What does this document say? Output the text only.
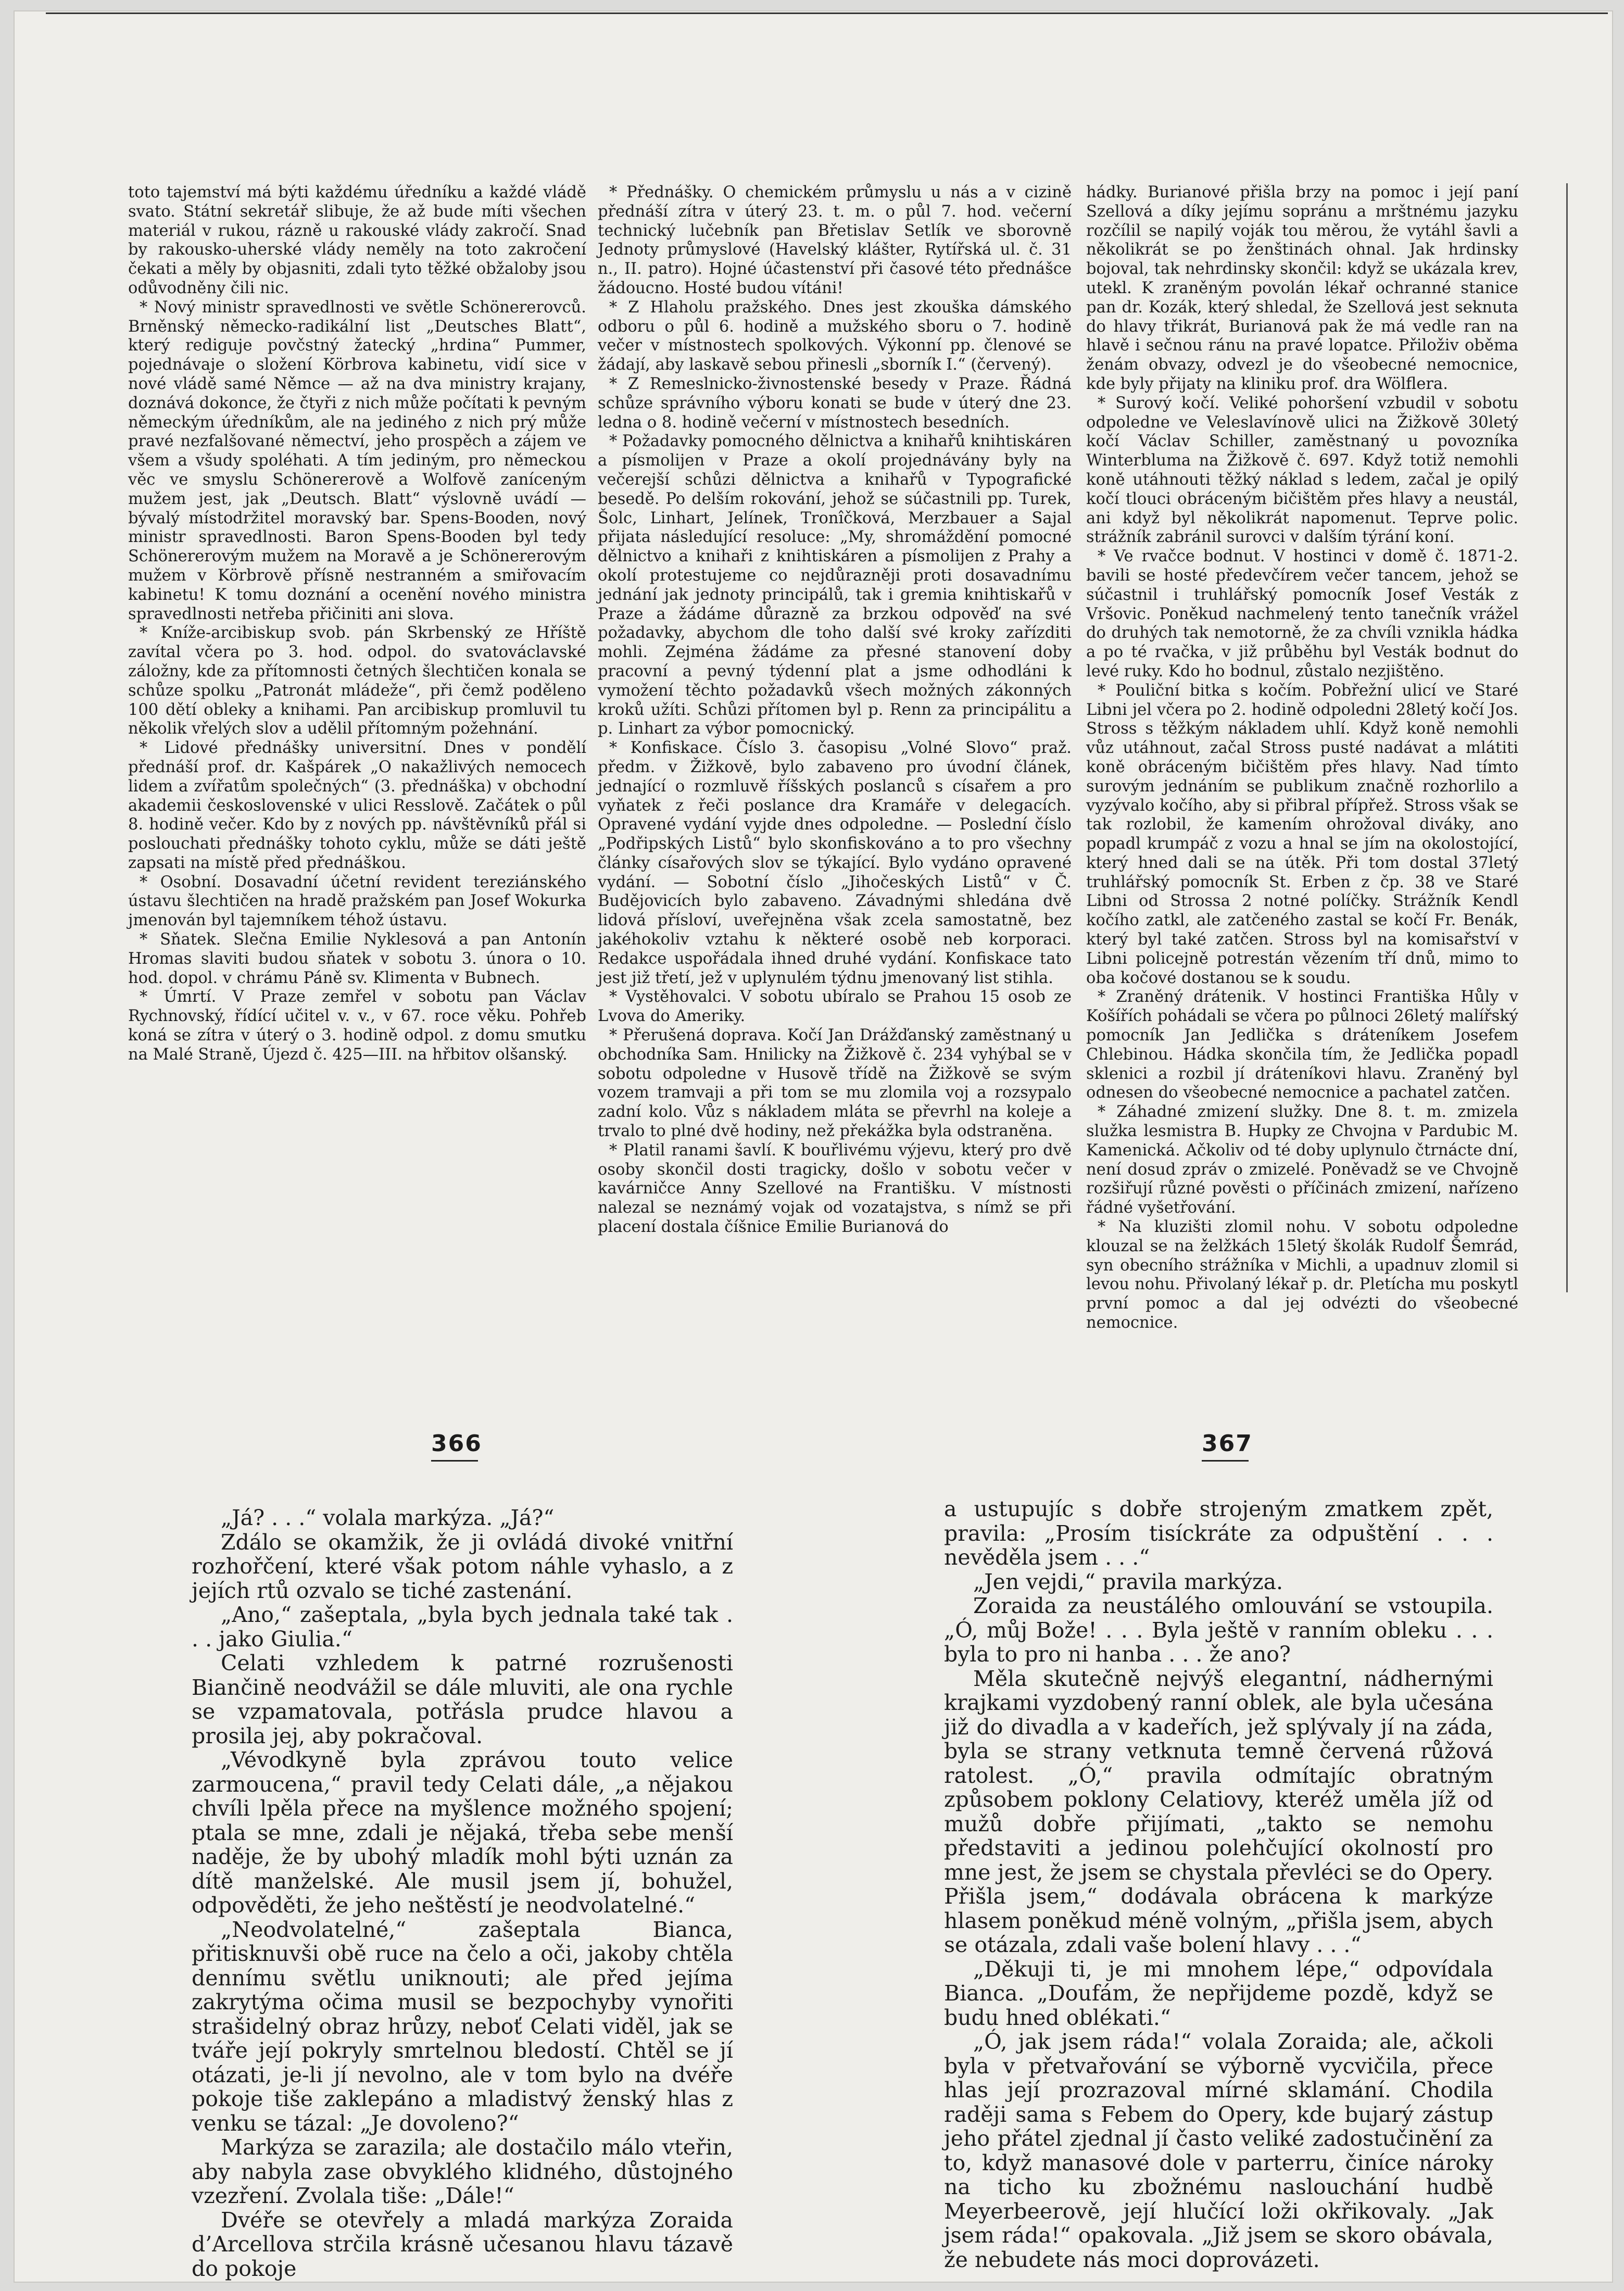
toto tajemství má býti každému úředníku a každé vládě svato. Státní sekretář slibuje, že až bude míti všechen materiál v rukou, rázně u rakouské vlády zakročí. Snad by rakousko-uherské vlády neměly na toto zakročení čekati a měly by objasniti, zdali tyto těžké obžaloby jsou odůvodněny čili nic.

* Nový ministr spravedlnosti ve světle Schönererovců. Brněnský německo-radikální list „Deutsches Blatt“, který rediguje povčstný žatecký „hrdina“ Pummer, pojednávaje o složení Körbrova kabinetu, vidí sice v nové vládě samé Němce — až na dva ministry krajany, doznává dokonce, že čtyři z nich může počítati k pevným německým úředníkům, ale na jediného z nich prý může pravé nezfalšované němectví, jeho prospěch a zájem ve všem a všudy spoléhati. A tím jediným, pro německou věc ve smyslu Schönererově a Wolfově zaníceným mužem jest, jak „Deutsch. Blatt“ výslovně uvádí — bývalý místodržitel moravský bar. Spens-Booden, nový ministr spravedlnosti. Baron Spens-Booden byl tedy Schönererovým mužem na Moravě a je Schönererovým mužem v Körbrově přísně nestranném a smiřovacím kabinetu! K tomu doznání a ocenění nového ministra spravedlnosti netřeba přičiniti ani slova.

* Kníže-arcibiskup svob. pán Skrbenský ze Hříště zavítal včera po 3. hod. odpol. do svatováclavské záložny, kde za přítomnosti četných šlechtičen konala se schůze spolku „Patronát mládeže“, při čemž poděleno 100 dětí obleky a knihami. Pan arcibiskup promluvil tu několik vřelých slov a udělil přítomným požehnání.

* Lidové přednášky universitní. Dnes v pondělí přednáší prof. dr. Kašpárek „O nakažlivých nemocech lidem a zvířatům společných“ (3. přednáška) v obchodní akademii československé v ulici Resslově. Začátek o půl 8. hodině večer. Kdo by z nových pp. návštěvníků přál si poslouchati přednášky tohoto cyklu, může se dáti ještě zapsati na místě před přednáškou.

* Osobní. Dosavadní účetní revident tereziánského ústavu šlechtičen na hradě pražském pan Josef Wokurka jmenován byl tajemníkem téhož ústavu.

* Sňatek. Slečna Emilie Nyklesová a pan Antonín Hromas slaviti budou sňatek v sobotu 3. února o 10. hod. dopol. v chrámu Páně sv. Klimenta v Bubnech.

* Úmrtí. V Praze zemřel v sobotu pan Václav Rychnovský, řídící učitel v. v., v 67. roce věku. Pohřeb koná se zítra v úterý o 3. hodině odpol. z domu smutku na Malé Straně, Újezd č. 425—III. na hřbitov olšanský.

* Přednášky. O chemickém průmyslu u nás a v cizině přednáší zítra v úterý 23. t. m. o půl 7. hod. večerní technický lučebník pan Břetislav Setlík ve sborovně Jednoty průmyslové (Havelský klášter, Rytířská ul. č. 31 n., II. patro). Hojné účastenství při časové této přednášce žádoucno. Hosté budou vítáni!

* Z Hlaholu pražského. Dnes jest zkouška dámského odboru o půl 6. hodině a mužského sboru o 7. hodině večer v místnostech spolkových. Výkonní pp. členové se žádají, aby laskavě sebou přinesli „sborník I.“ (červený).

* Z Remeslnicko-živnostenské besedy v Praze. Řádná schůze správního výboru konati se bude v úterý dne 23. ledna o 8. hodině večerní v místnostech besedních.

* Požadavky pomocného dělnictva a knihařů knihtiskáren a písmolijen v Praze a okolí projednávány byly na večerejší schůzi dělnictva a knihařů v Typografické besedě. Po delším rokování, jehož se súčastnili pp. Turek, Šolc, Linhart, Jelínek, Tronîčková, Merzbauer a Sajal přijata následující resoluce: „My, shromáždění pomocné dělnictvo a knihaři z knihtiskáren a písmolijen z Prahy a okolí protestujeme co nejdůrazněji proti dosavadnímu jednání jak jednoty principálů, tak i gremia knihtiskařů v Praze a žádáme důrazně za brzkou odpověď na své požadavky, abychom dle toho další své kroky zařízditi mohli. Zejména žádáme za přesné stanovení doby pracovní a pevný týdenní plat a jsme odhodláni k vymožení těchto požadavků všech možných zákonných kroků užíti. Schůzi přítomen byl p. Renn za principálitu a p. Linhart za výbor pomocnický.

* Konfiskace. Číslo 3. časopisu „Volné Slovo“ praž. předm. v Žižkově, bylo zabaveno pro úvodní článek, jednající o rozmluvě říšských poslanců s císařem a pro vyňatek z řeči poslance dra Kramáře v delegacích. Opravené vydání vyjde dnes odpoledne. — Poslední číslo „Podřipských Listů“ bylo skonfiskováno a to pro všechny články císařových slov se týkající. Bylo vydáno opravené vydání. — Sobotní číslo „Jihočeských Listů“ v Č. Budějovicích bylo zabaveno. Závadnými shledána dvě lidová přísloví, uveřejněna však zcela samostatně, bez jakéhokoliv vztahu k některé osobě neb korporaci. Redakce uspořádala ihned druhé vydání. Konfiskace tato jest již třetí, jež v uplynulém týdnu jmenovaný list stihla.

* Vystěhovalci. V sobotu ubíralo se Prahou 15 osob ze Lvova do Ameriky.

* Přerušená doprava. Kočí Jan Drážďanský zaměstnaný u obchodníka Sam. Hnilicky na Žižkově č. 234 vyhýbal se v sobotu odpoledne v Husově třídě na Žižkově se svým vozem tramvaji a při tom se mu zlomila voj a rozsypalo zadní kolo. Vůz s nákladem mláta se převrhl na koleje a trvalo to plné dvě hodiny, než překážka byla odstraněna.

* Platil ranami šavlí. K bouřlivému výjevu, který pro dvě osoby skončil dosti tragicky, došlo v sobotu večer v kavárničce Anny Szellové na Františku. V místnosti nalezal se neznámý vojak od vozatajstva, s nímž se při placení dostala číšnice Emilie Burianová do

hádky. Burianové přišla brzy na pomoc i její paní Szellová a díky jejímu sopránu a mrštnému jazyku rozčílil se napilý voják tou měrou, že vytáhl šavli a několikrát se po ženštinách ohnal. Jak hrdinsky bojoval, tak nehrdinsky skončil: když se ukázala krev, utekl. K zraněným povolán lékař ochranné stanice pan dr. Kozák, který shledal, že Szellová jest seknuta do hlavy třikrát, Burianová pak že má vedle ran na hlavě i sečnou ránu na pravé lopatce. Přiloživ oběma ženám obvazy, odvezl je do všeobecné nemocnice, kde byly přijaty na kliniku prof. dra Wölflera.

* Surový kočí. Veliké pohoršení vzbudil v sobotu odpoledne ve Veleslavínově ulici na Žižkově 30letý kočí Václav Schiller, zaměstnaný u povozníka Winterbluma na Žižkově č. 697. Když totiž nemohli koně utáhnouti těžký náklad s ledem, začal je opilý kočí tlouci obráceným bičištěm přes hlavy a neustál, ani když byl několikrát napomenut. Teprve polic. strážník zabránil surovci v dalším týrání koní.

* Ve rvačce bodnut. V hostinci v domě č. 1871-2. bavili se hosté předevčírem večer tancem, jehož se súčastnil i truhlářský pomocník Josef Vesták z Vršovic. Poněkud nachmelený tento tanečník vrážel do druhých tak nemotorně, že za chvíli vznikla hádka a po té rvačka, v již průběhu byl Vesták bodnut do levé ruky. Kdo ho bodnul, zůstalo nezjištěno.

* Pouliční bitka s kočím. Pobřežní ulicí ve Staré Libni jel včera po 2. hodině odpoledni 28letý kočí Jos. Stross s těžkým nákladem uhlí. Když koně nemohli vůz utáhnout, začal Stross pusté nadávat a mlátiti koně obráceným bičištěm přes hlavy. Nad tímto surovým jednáním se publikum značně rozhorlilo a vyzývalo kočího, aby si přibral přípřež. Stross však se tak rozlobil, že kamením ohrožoval diváky, ano popadl krumpáč z vozu a hnal se jím na okolostojící, který hned dali se na útěk. Při tom dostal 37letý truhlářský pomocník St. Erben z čp. 38 ve Staré Libni od Strossa 2 notné políčky. Strážník Kendl kočího zatkl, ale zatčeného zastal se kočí Fr. Benák, který byl také zatčen. Stross byl na komisařství v Libni policejně potrestán vězením tří dnů, mimo to oba kočové dostanou se k soudu.

* Zraněný drátenik. V hostinci Františka Hůly v Košířích pohádali se včera po půlnoci 26letý malířský pomocník Jan Jedlička s dráteníkem Josefem Chlebinou. Hádka skončila tím, že Jedlička popadl sklenici a rozbil jí dráteníkovi hlavu. Zraněný byl odnesen do všeobecné nemocnice a pachatel zatčen.

* Záhadné zmizení služky. Dne 8. t. m. zmizela služka lesmistra B. Hupky ze Chvojna v Pardubic M. Kamenická. Ačkoliv od té doby uplynulo čtrnácte dní, není dosud zpráv o zmizelé. Poněvadž se ve Chvojně rozšiřují různé pověsti o příčinách zmizení, nařízeno řádné vyšetřování.

* Na kluzišti zlomil nohu. V sobotu odpoledne klouzal se na želžkách 15letý školák Rudolf Šemrád, syn obecního strážníka v Michli, a upadnuv zlomil si levou nohu. Přivolaný lékař p. dr. Pletícha mu poskytl první pomoc a dal jej odvézti do všeobecné nemocnice.

366	367

„Já? . . .“ volala markýza. „Já?“

Zdálo se okamžik, že ji ovládá divoké vnitřní rozhořčení, které však potom náhle vyhaslo, a z jejích rtů ozvalo se tiché zastenání.

„Ano,“ zašeptala, „byla bych jednala také tak . . . jako Giulia.“

Celati vzhledem k patrné rozrušenosti Biančině neodvážil se dále mluviti, ale ona rychle se vzpamatovala, potřásla prudce hlavou a prosila jej, aby pokračoval.

„Vévodkyně byla zprávou touto velice zarmoucena,“ pravil tedy Celati dále, „a nějakou chvíli lpěla přece na myšlence možného spojení; ptala se mne, zdali je nějaká, třeba sebe menší naděje, že by ubohý mladík mohl býti uznán za dítě manželské. Ale musil jsem jí, bohužel, odpověděti, že jeho neštěstí je neodvolatelné.“

„Neodvolatelné,“ zašeptala Bianca, přitisknuvši obě ruce na čelo a oči, jakoby chtěla dennímu světlu uniknouti; ale před jejíma zakrytýma očima musil se bezpochyby vynořiti strašidelný obraz hrůzy, neboť Celati viděl, jak se tváře její pokryly smrtelnou bledostí. Chtěl se jí otázati, je-li jí nevolno, ale v tom bylo na dvéře pokoje tiše zaklepáno a mladistvý ženský hlas z venku se tázal: „Je dovoleno?“

Markýza se zarazila; ale dostačilo málo vteřin, aby nabyla zase obvyklého klidného, důstojného vzezření. Zvolala tiše: „Dále!“

Dvéře se otevřely a mladá markýza Zoraida d’Arcellova strčila krásně učesanou hlavu tázavě do pokoje

a ustupujíc s dobře strojeným zmatkem zpět, pravila: „Prosím tisíckráte za odpuštění . . . nevěděla jsem . . .“

„Jen vejdi,“ pravila markýza.

Zoraida za neustálého omlouvání se vstoupila. „Ó, můj Bože! . . . Byla ještě v ranním obleku . . . byla to pro ni hanba . . . že ano?

Měla skutečně nejvýš elegantní, nádhernými krajkami vyzdobený ranní oblek, ale byla učesána již do divadla a v kadeřích, jež splývaly jí na záda, byla se strany vetknuta temně červená růžová ratolest. „Ó,“ pravila odmítajíc obratným způsobem poklony Celatiovy, kteréž uměla jíž od mužů dobře přijímati, „takto se nemohu představiti a jedinou polehčující okolností pro mne jest, že jsem se chystala převléci se do Opery. Přišla jsem,“ dodávala obrácena k markýze hlasem poněkud méně volným, „přišla jsem, abych se otázala, zdali vaše bolení hlavy . . .“

„Děkuji ti, je mi mnohem lépe,“ odpovídala Bianca. „Doufám, že nepřijdeme pozdě, když se budu hned oblékati.“

„Ó, jak jsem ráda!“ volala Zoraida; ale, ačkoli byla v přetvařování se výborně vycvičila, přece hlas její prozrazoval mírné sklamání. Chodila raději sama s Febem do Opery, kde bujarý zástup jeho přátel zjednal jí často veliké zadostučinění za to, když manasové dole v parterru, činíce nároky na ticho ku zbožnému naslouchání hudbě Meyerbeerově, její hlučící loži okřikovaly. „Jak jsem ráda!“ opakovala. „Již jsem se skoro obávala, že nebudete nás moci doprovázeti.
